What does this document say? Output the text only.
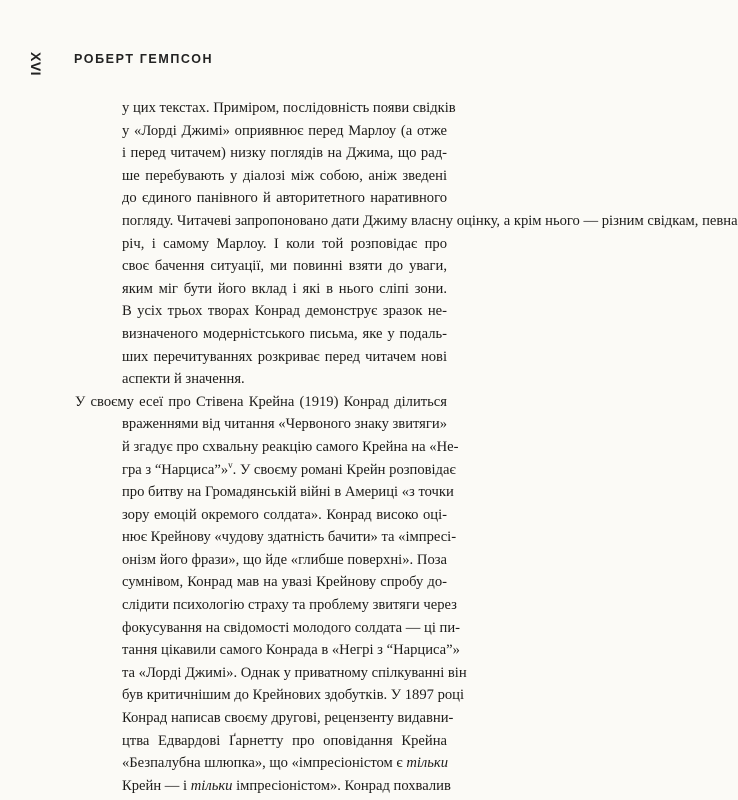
XVI РОБЕРТ ГЕМПСОН

у цих текстах. Приміром, послідовність появи свідків
у «Лорді Джимі» оприявнює перед Марлоу (а отже
і перед читачем) низку поглядів на Джима, що рад-
ше перебувають у діалозі між собою, аніж зведені
до єдиного панівного й авторитетного наративного
погляду. Читачеві запропоновано дати Джиму власну оцінку, а крім нього — різним свідкам, певна
річ, і самому Марлоу. І коли той розповідає про
своє бачення ситуації, ми повинні взяти до уваги,
яким міг бути його вклад і які в нього сліпі зони.
В усіх трьох творах Конрад демонструє зразок не-
визначеного модерністського письма, яке у подаль-
ших перечитуваннях розкриває перед читачем нові
аспекти й значення.

У своєму есеї про Стівена Крейна (1919) Конрад ділиться
враженнями від читання «Червоного знаку звитяги»
й згадує про схвальну реакцію самого Крейна на «Не-
гра з “Нарциса”»$^v$. У своєму романі Крейн розповідає
про битву на Громадянській війні в Америці «з точки
зору емоцій окремого солдата». Конрад високо оці-
нює Крейнову «чудову здатність бачити» та «імпресі-
онізм його фрази», що йде «глибше поверхні». Поза
сумнівом, Конрад мав на увазі Крейнову спробу до-
слідити психологію страху та проблему звитяги через
фокусування на свідомості молодого солдата — ці пи-
тання цікавили самого Конрада в «Негрі з “Нарциса”»
та «Лорді Джимі». Однак у приватному спілкуванні він
був критичнішим до Крейнових здобутків. У 1897 році
Конрад написав своєму другові, рецензенту видавни-
цтва Едвардові Ґарнетту про оповідання Крейна
«Безпалубна шлюпка», що «імпресіоністом є тільки
Крейн — і тільки імпресіоністом». Конрад похвалив
